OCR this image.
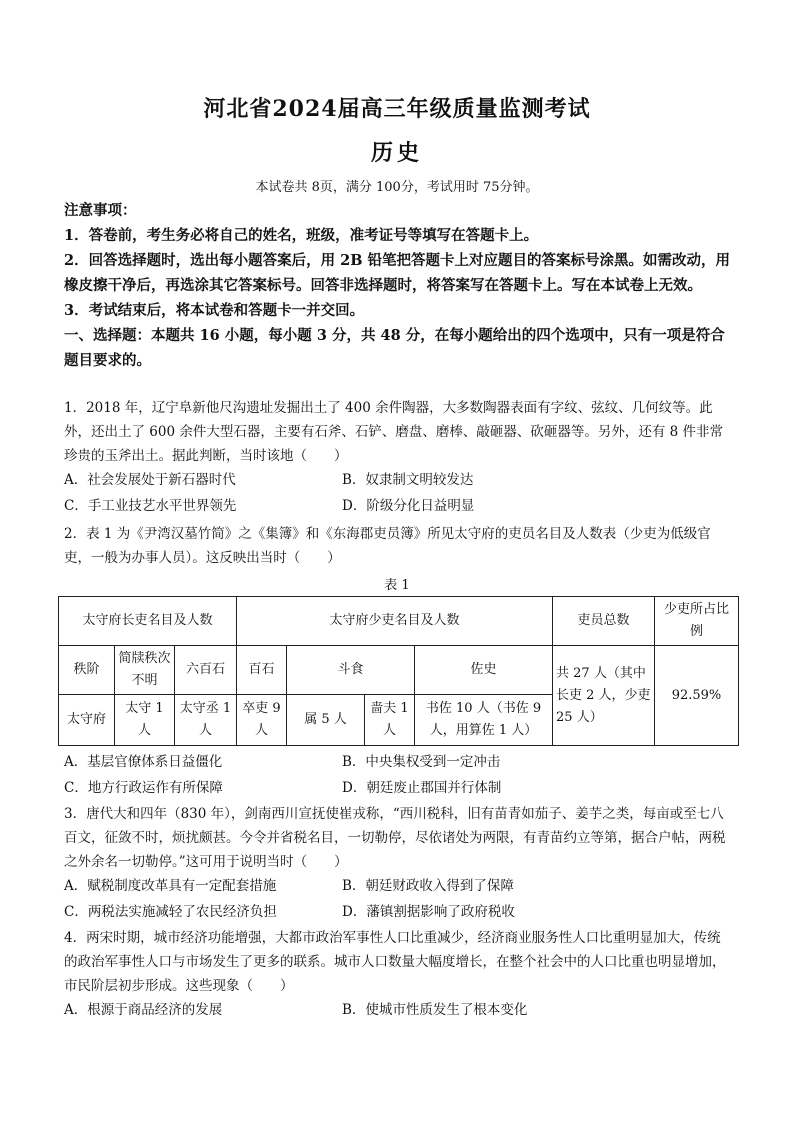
河北省2024届高三年级质量监测考试
历史
本试卷共 8页，满分 100分，考试用时 75分钟。
注意事项：
1．答卷前，考生务必将自己的姓名，班级，准考证号等填写在答题卡上。
2．回答选择题时，选出每小题答案后，用 2B 铅笔把答题卡上对应题目的答案标号涂黑。如需改动，用橡皮擦干净后，再选涂其它答案标号。回答非选择题时，将答案写在答题卡上。写在本试卷上无效。
3．考试结束后，将本试卷和答题卡一并交回。
一、选择题：本题共 16 小题，每小题 3 分，共 48 分，在每小题给出的四个选项中，只有一项是符合题目要求的。
1．2018 年，辽宁阜新他尺沟遗址发掘出土了 400 余件陶器，大多数陶器表面有字纹、弦纹、几何纹等。此外，还出土了 600 余件大型石器，主要有石斧、石铲、磨盘、磨棒、敲砸器、砍砸器等。另外，还有 8 件非常珍贵的玉斧出土。据此判断，当时该地（　　）
A．社会发展处于新石器时代	B．奴隶制文明较发达
C．手工业技艺水平世界领先	D．阶级分化日益明显
2．表 1 为《尹湾汉墓竹简》之《集簿》和《东海郡吏员簿》所见太守府的吏员名目及人数表（少吏为低级官吏，一般为办事人员）。这反映出当时（　　）
表 1
太守府长吏名目及人数			太守府少吏名目及人数				吏员总数	少吏所占比例
秩阶	简牍秩次不明	六百石	百石	斗食		佐史	共 27 人（其中长吏 2 人，少吏 25 人）	92.59%
太守府	太守 1 人	太守丞 1 人	卒吏 9 人	属 5 人	啬夫 1 人	书佐 10 人（书佐 9 人，用算佐 1 人）		
A．基层官僚体系日益僵化	B．中央集权受到一定冲击
C．地方行政运作有所保障	D．朝廷废止郡国并行体制
3．唐代大和四年（830 年），剑南西川宣抚使崔戎称，“西川税科，旧有苗青如茄子、姜芋之类，每亩或至七八百文，征敛不时，烦扰颇甚。今令并省税名目，一切勒停，尽依诸处为两限，有青苗约立等第，据合户帖，两税之外余名一切勒停。”这可用于说明当时（　　）
A．赋税制度改革具有一定配套措施	B．朝廷财政收入得到了保障
C．两税法实施减轻了农民经济负担	D．藩镇割据影响了政府税收
4．两宋时期，城市经济功能增强，大都市政治军事性人口比重减少，经济商业服务性人口比重明显加大，传统的政治军事性人口与市场发生了更多的联系。城市人口数量大幅度增长，在整个社会中的人口比重也明显增加，市民阶层初步形成。这些现象（　　）
A．根源于商品经济的发展	B．使城市性质发生了根本变化
